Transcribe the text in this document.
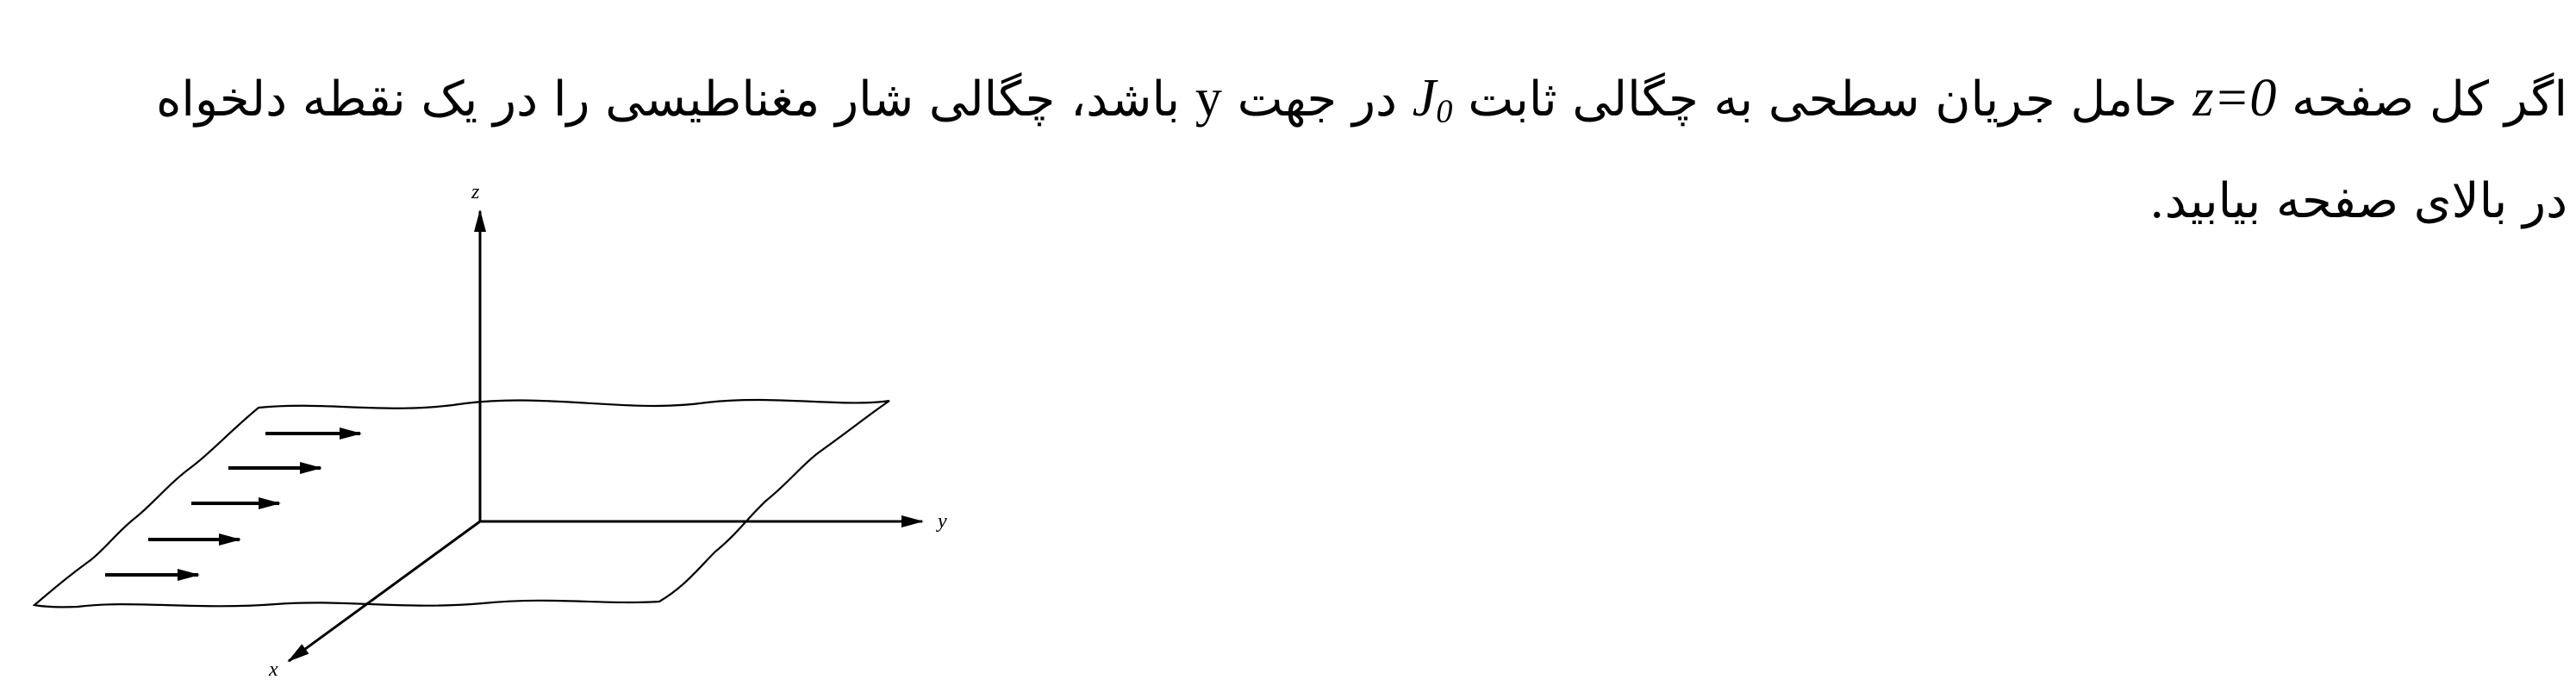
اگر کل صفحه z=0 حامل جریان سطحی به چگالی ثابت $J_0$ در جهت y باشد، چگالی شار مغناطیسی را در یک نقطه دلخواه
در بالای صفحه بیابید.
z
y
x
